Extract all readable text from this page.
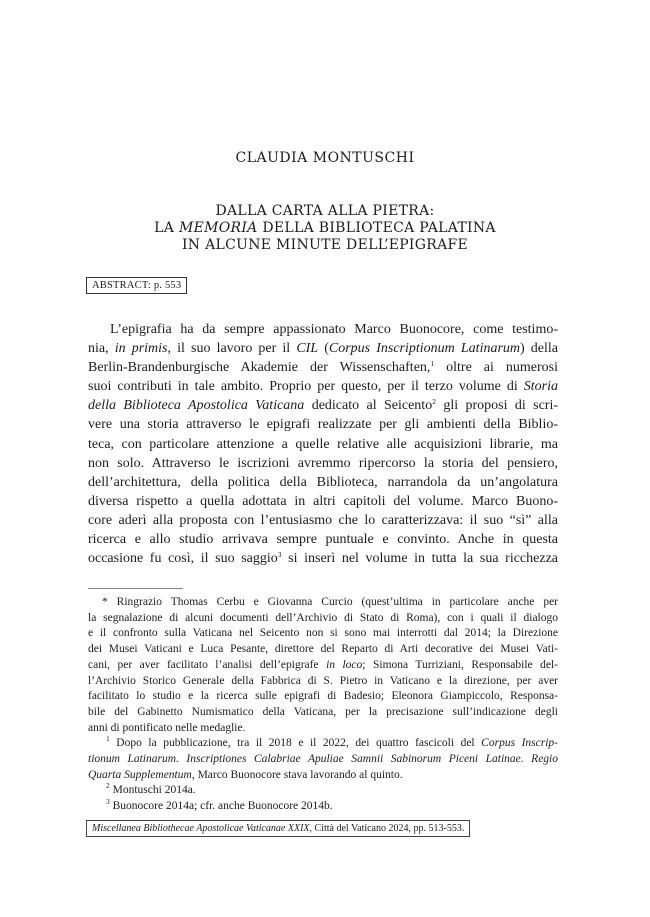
CLAUDIA MONTUSCHI
DALLA CARTA ALLA PIETRA:
LA MEMORIA DELLA BIBLIOTECA PALATINA
IN ALCUNE MINUTE DELL’EPIGRAFE
ABSTRACT: p. 553
L’epigrafia ha da sempre appassionato Marco Buonocore, come testimo-
nia, in primis, il suo lavoro per il CIL (Corpus Inscriptionum Latinarum) della
Berlin-Brandenburgische Akademie der Wissenschaften,$^1$ oltre ai numerosi
suoi contributi in tale ambito. Proprio per questo, per il terzo volume di Storia
della Biblioteca Apostolica Vaticana dedicato al Seicento$^2$ gli proposi di scri-
vere una storia attraverso le epigrafi realizzate per gli ambienti della Biblio-
teca, con particolare attenzione a quelle relative alle acquisizioni librarie, ma
non solo. Attraverso le iscrizioni avremmo ripercorso la storia del pensiero,
dell’architettura, della politica della Biblioteca, narrandola da un’angolatura
diversa rispetto a quella adottata in altri capitoli del volume. Marco Buono-
core aderì alla proposta con l’entusiasmo che lo caratterizzava: il suo “sì” alla
ricerca e allo studio arrivava sempre puntuale e convinto. Anche in questa
occasione fu così, il suo saggio$^3$ si inserì nel volume in tutta la sua ricchezza
* Ringrazio Thomas Cerbu e Giovanna Curcio (quest’ultima in particolare anche per
la segnalazione di alcuni documenti dell’Archivio di Stato di Roma), con i quali il dialogo
e il confronto sulla Vaticana nel Seicento non si sono mai interrotti dal 2014; la Direzione
dei Musei Vaticani e Luca Pesante, direttore del Reparto di Arti decorative dei Musei Vati-
cani, per aver facilitato l’analisi dell’epigrafe in loco; Simona Turriziani, Responsabile del-
l’Archivio Storico Generale della Fabbrica di S. Pietro in Vaticano e la direzione, per aver
facilitato lo studio e la ricerca sulle epigrafi di Badesio; Eleonora Giampiccolo, Responsa-
bile del Gabinetto Numismatico della Vaticana, per la precisazione sull’indicazione degli
anni di pontificato nelle medaglie.
$^1$ Dopo la pubblicazione, tra il 2018 e il 2022, dei quattro fascicoli del Corpus Inscrip-
tionum Latinarum. Inscriptiones Calabriae Apuliae Samnii Sabinorum Piceni Latinae. Regio
Quarta Supplementum, Marco Buonocore stava lavorando al quinto.
$^2$ Montuschi 2014a.
$^3$ Buonocore 2014a; cfr. anche Buonocore 2014b.
Miscellanea Bibliothecae Apostolicae Vaticanae XXIX, Città del Vaticano 2024, pp. 513-553.
